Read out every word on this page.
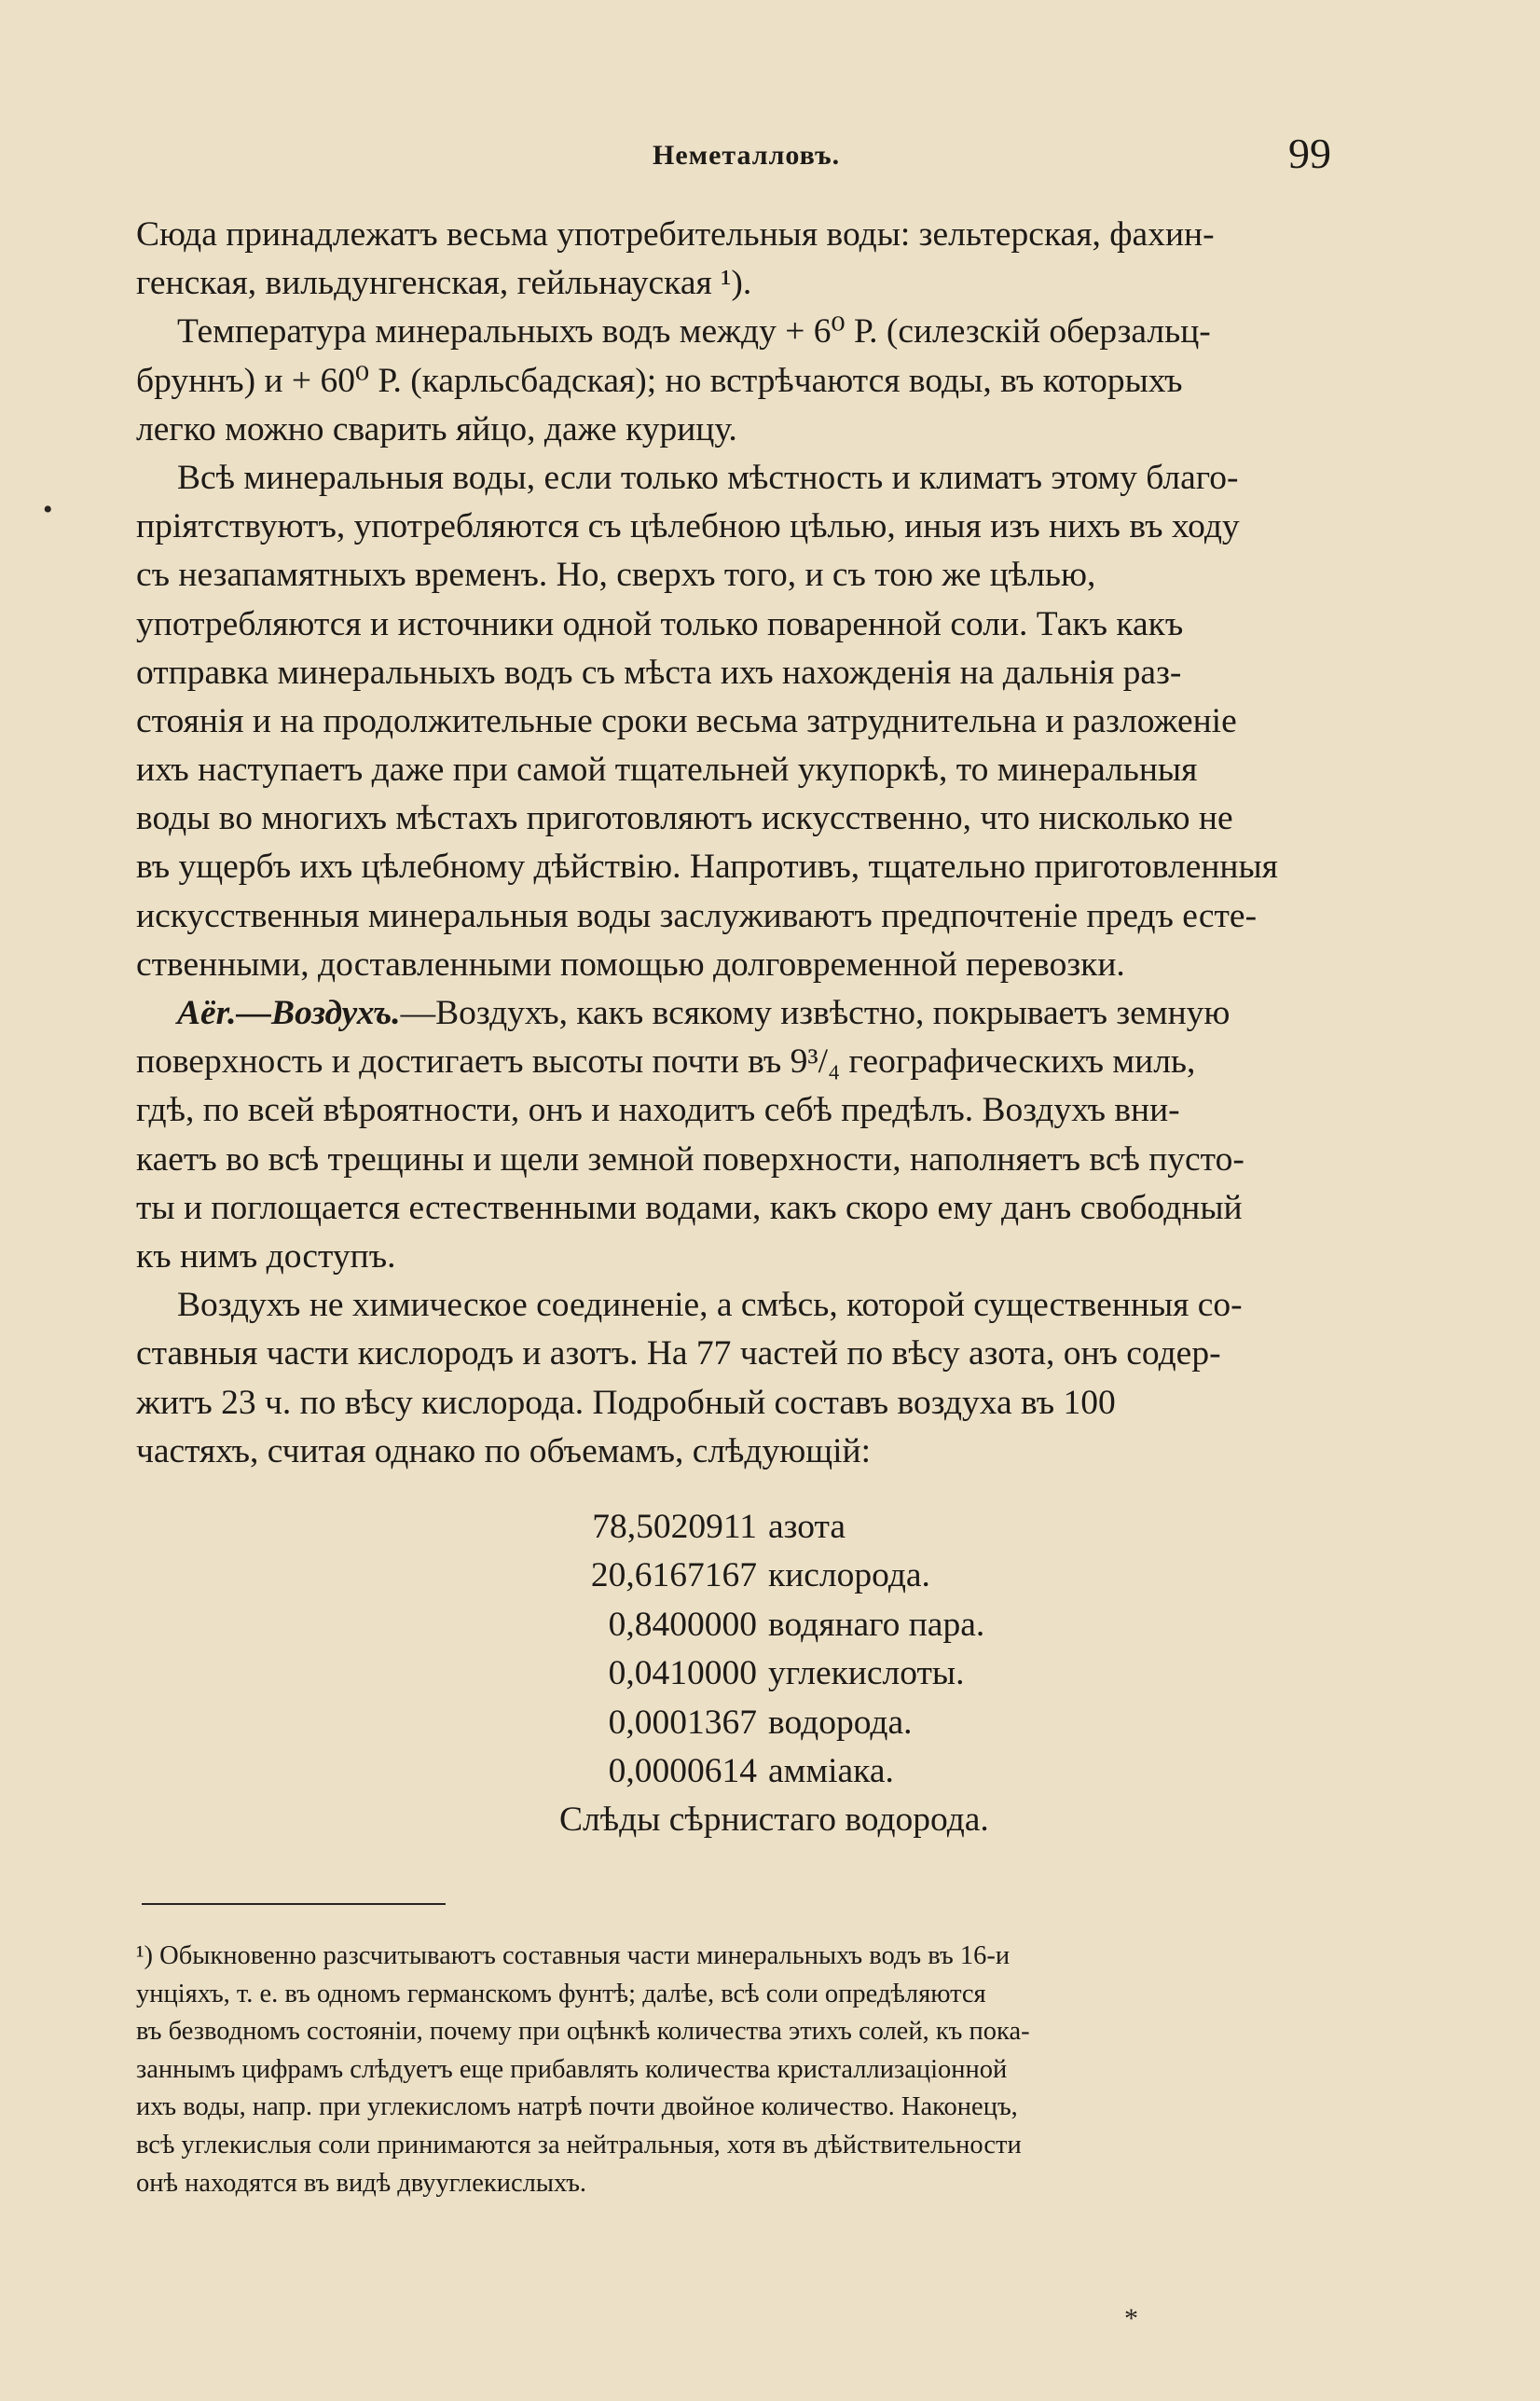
Неметалловъ.	99

Сюда принадлежатъ весьма употребительныя воды: зельтерская, фахин-
генская, вильдунгенская, гейльнауская ¹).

Температура минеральныхъ водъ между + 6⁰ Р. (силезскій оберзальц-
бруннъ) и + 60⁰ Р. (карльсбадская); но встрѣчаются воды, въ которыхъ
легко можно сварить яйцо, даже курицу.

Всѣ минеральныя воды, если только мѣстность и климатъ этому благо-
пріятствуютъ, употребляются съ цѣлебною цѣлью, иныя изъ нихъ въ ходу
съ незапамятныхъ временъ. Но, сверхъ того, и съ тою же цѣлью,
употребляются и источники одной только поваренной соли. Такъ какъ
отправка минеральныхъ водъ съ мѣста ихъ нахожденія на дальнія раз-
стоянія и на продолжительные сроки весьма затруднительна и разложеніе
ихъ наступаетъ даже при самой тщательней укупоркѣ, то минеральныя
воды во многихъ мѣстахъ приготовляютъ искусственно, что нисколько не
въ ущербъ ихъ цѣлебному дѣйствію. Напротивъ, тщательно приготовленныя
искусственныя минеральныя воды заслуживаютъ предпочтеніе предъ есте-
ственными, доставленными помощью долговременной перевозки.

Aër.—Воздухъ.—Воздухъ, какъ всякому извѣстно, покрываетъ земную
поверхность и достигаетъ высоты почти въ 9³/₄ географическихъ миль,
гдѣ, по всей вѣроятности, онъ и находитъ себѣ предѣлъ. Воздухъ вни-
каетъ во всѣ трещины и щели земной поверхности, наполняетъ всѣ пусто-
ты и поглощается естественными водами, какъ скоро ему данъ свободный
къ нимъ доступъ.

Воздухъ не химическое соединеніе, а смѣсь, которой существенныя со-
ставныя части кислородъ и азотъ. На 77 частей по вѣсу азота, онъ содер-
житъ 23 ч. по вѣсу кислорода. Подробный составъ воздуха въ 100
частяхъ, считая однако по объемамъ, слѣдующій:

78,5020911 азота
20,6167167 кислорода.
0,8400000 водянаго пара.
0,0410000 углекислоты.
0,0001367 водорода.
0,0000614 амміака.
Слѣды сѣрнистаго водорода.
¹) Обыкновенно разсчитываютъ составныя части минеральныхъ водъ въ 16-и
унціяхъ, т. е. въ одномъ германскомъ фунтѣ; далѣе, всѣ соли опредѣляются
въ безводномъ состояніи, почему при оцѣнкѣ количества этихъ солей, къ пока-
заннымъ цифрамъ слѣдуетъ еще прибавлять количества кристаллизаціонной
ихъ воды, напр. при углекисломъ натрѣ почти двойное количество. Наконецъ,
всѣ углекислыя соли принимаются за нейтральныя, хотя въ дѣйствительности
онѣ находятся въ видѣ двууглекислыхъ.
•
*
